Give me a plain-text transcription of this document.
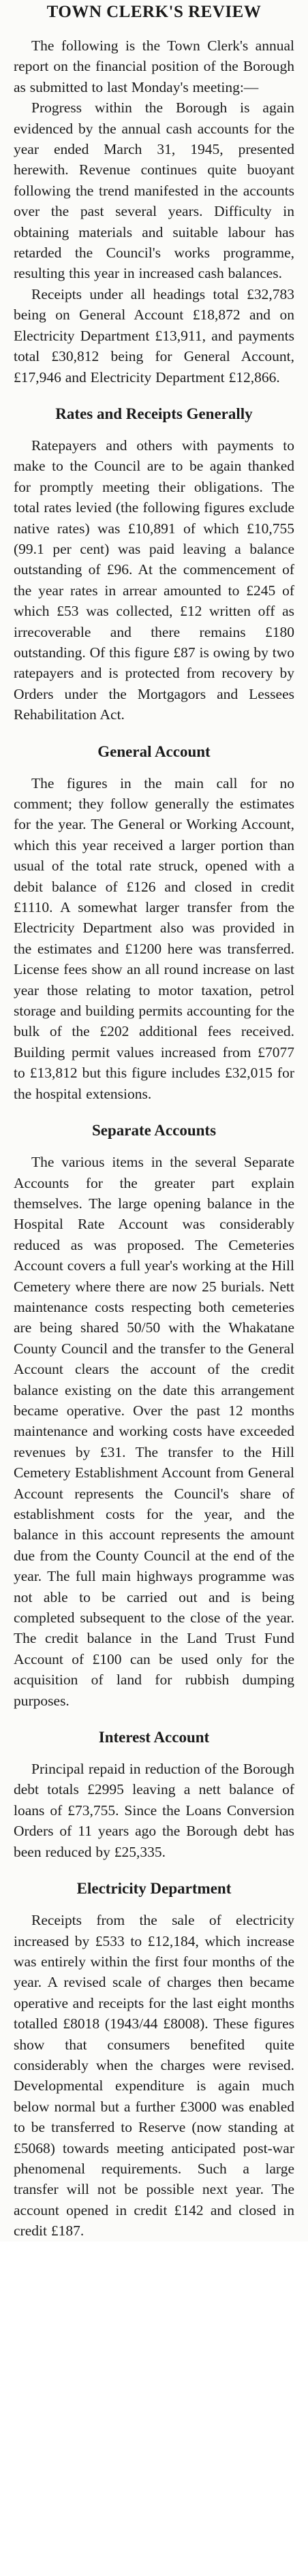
TOWN CLERK'S REVIEW

The following is the Town Clerk's annual report on the financial position of the Borough as submitted to last Monday's meeting:—

Progress within the Borough is again evidenced by the annual cash accounts for the year ended March 31, 1945, presented herewith. Revenue continues quite buoyant following the trend manifested in the accounts over the past several years. Difficulty in obtaining materials and suitable labour has retarded the Council's works programme, resulting this year in increased cash balances.

Receipts under all headings total £32,783 being on General Account £18,872 and on Electricity Department £13,911, and payments total £30,812 being for General Account, £17,946 and Electricity Department £12,866.

Rates and Receipts Generally

Ratepayers and others with payments to make to the Council are to be again thanked for promptly meeting their obligations. The total rates levied (the following figures exclude native rates) was £10,891 of which £10,755 (99.1 per cent) was paid leaving a balance outstanding of £96. At the commencement of the year rates in arrear amounted to £245 of which £53 was collected, £12 written off as irrecoverable and there remains £180 outstanding. Of this figure £87 is owing by two ratepayers and is protected from recovery by Orders under the Mortgagors and Lessees Rehabilitation Act.

General Account

The figures in the main call for no comment; they follow generally the estimates for the year. The General or Working Account, which this year received a larger portion than usual of the total rate struck, opened with a debit balance of £126 and closed in credit £1110. A somewhat larger transfer from the Electricity Department also was provided in the estimates and £1200 here was transferred. License fees show an all round increase on last year those relating to motor taxation, petrol storage and building permits accounting for the bulk of the £202 additional fees received. Building permit values increased from £7077 to £13,812 but this figure includes £32,015 for the hospital extensions.

Separate Accounts

The various items in the several Separate Accounts for the greater part explain themselves. The large opening balance in the Hospital Rate Account was considerably reduced as was proposed. The Cemeteries Account covers a full year's working at the Hill Cemetery where there are now 25 burials. Nett maintenance costs respecting both cemeteries are being shared 50/50 with the Whakatane County Council and the transfer to the General Account clears the account of the credit balance existing on the date this arrangement became operative. Over the past 12 months maintenance and working costs have exceeded revenues by £31. The transfer to the Hill Cemetery Establishment Account from General Account represents the Council's share of establishment costs for the year, and the balance in this account represents the amount due from the County Council at the end of the year. The full main highways programme was not able to be carried out and is being completed subsequent to the close of the year. The credit balance in the Land Trust Fund Account of £100 can be used only for the acquisition of land for rubbish dumping purposes.

Interest Account

Principal repaid in reduction of the Borough debt totals £2995 leaving a nett balance of loans of £73,755. Since the Loans Conversion Orders of 11 years ago the Borough debt has been reduced by £25,335.

Electricity Department

Receipts from the sale of electricity increased by £533 to £12,184, which increase was entirely within the first four months of the year. A revised scale of charges then became operative and receipts for the last eight months totalled £8018 (1943/44 £8008). These figures show that consumers benefited quite considerably when the charges were revised. Developmental expenditure is again much below normal but a further £3000 was enabled to be transferred to Reserve (now standing at £5068) towards meeting anticipated post-war phenomenal requirements. Such a large transfer will not be possible next year. The account opened in credit £142 and closed in credit £187.
